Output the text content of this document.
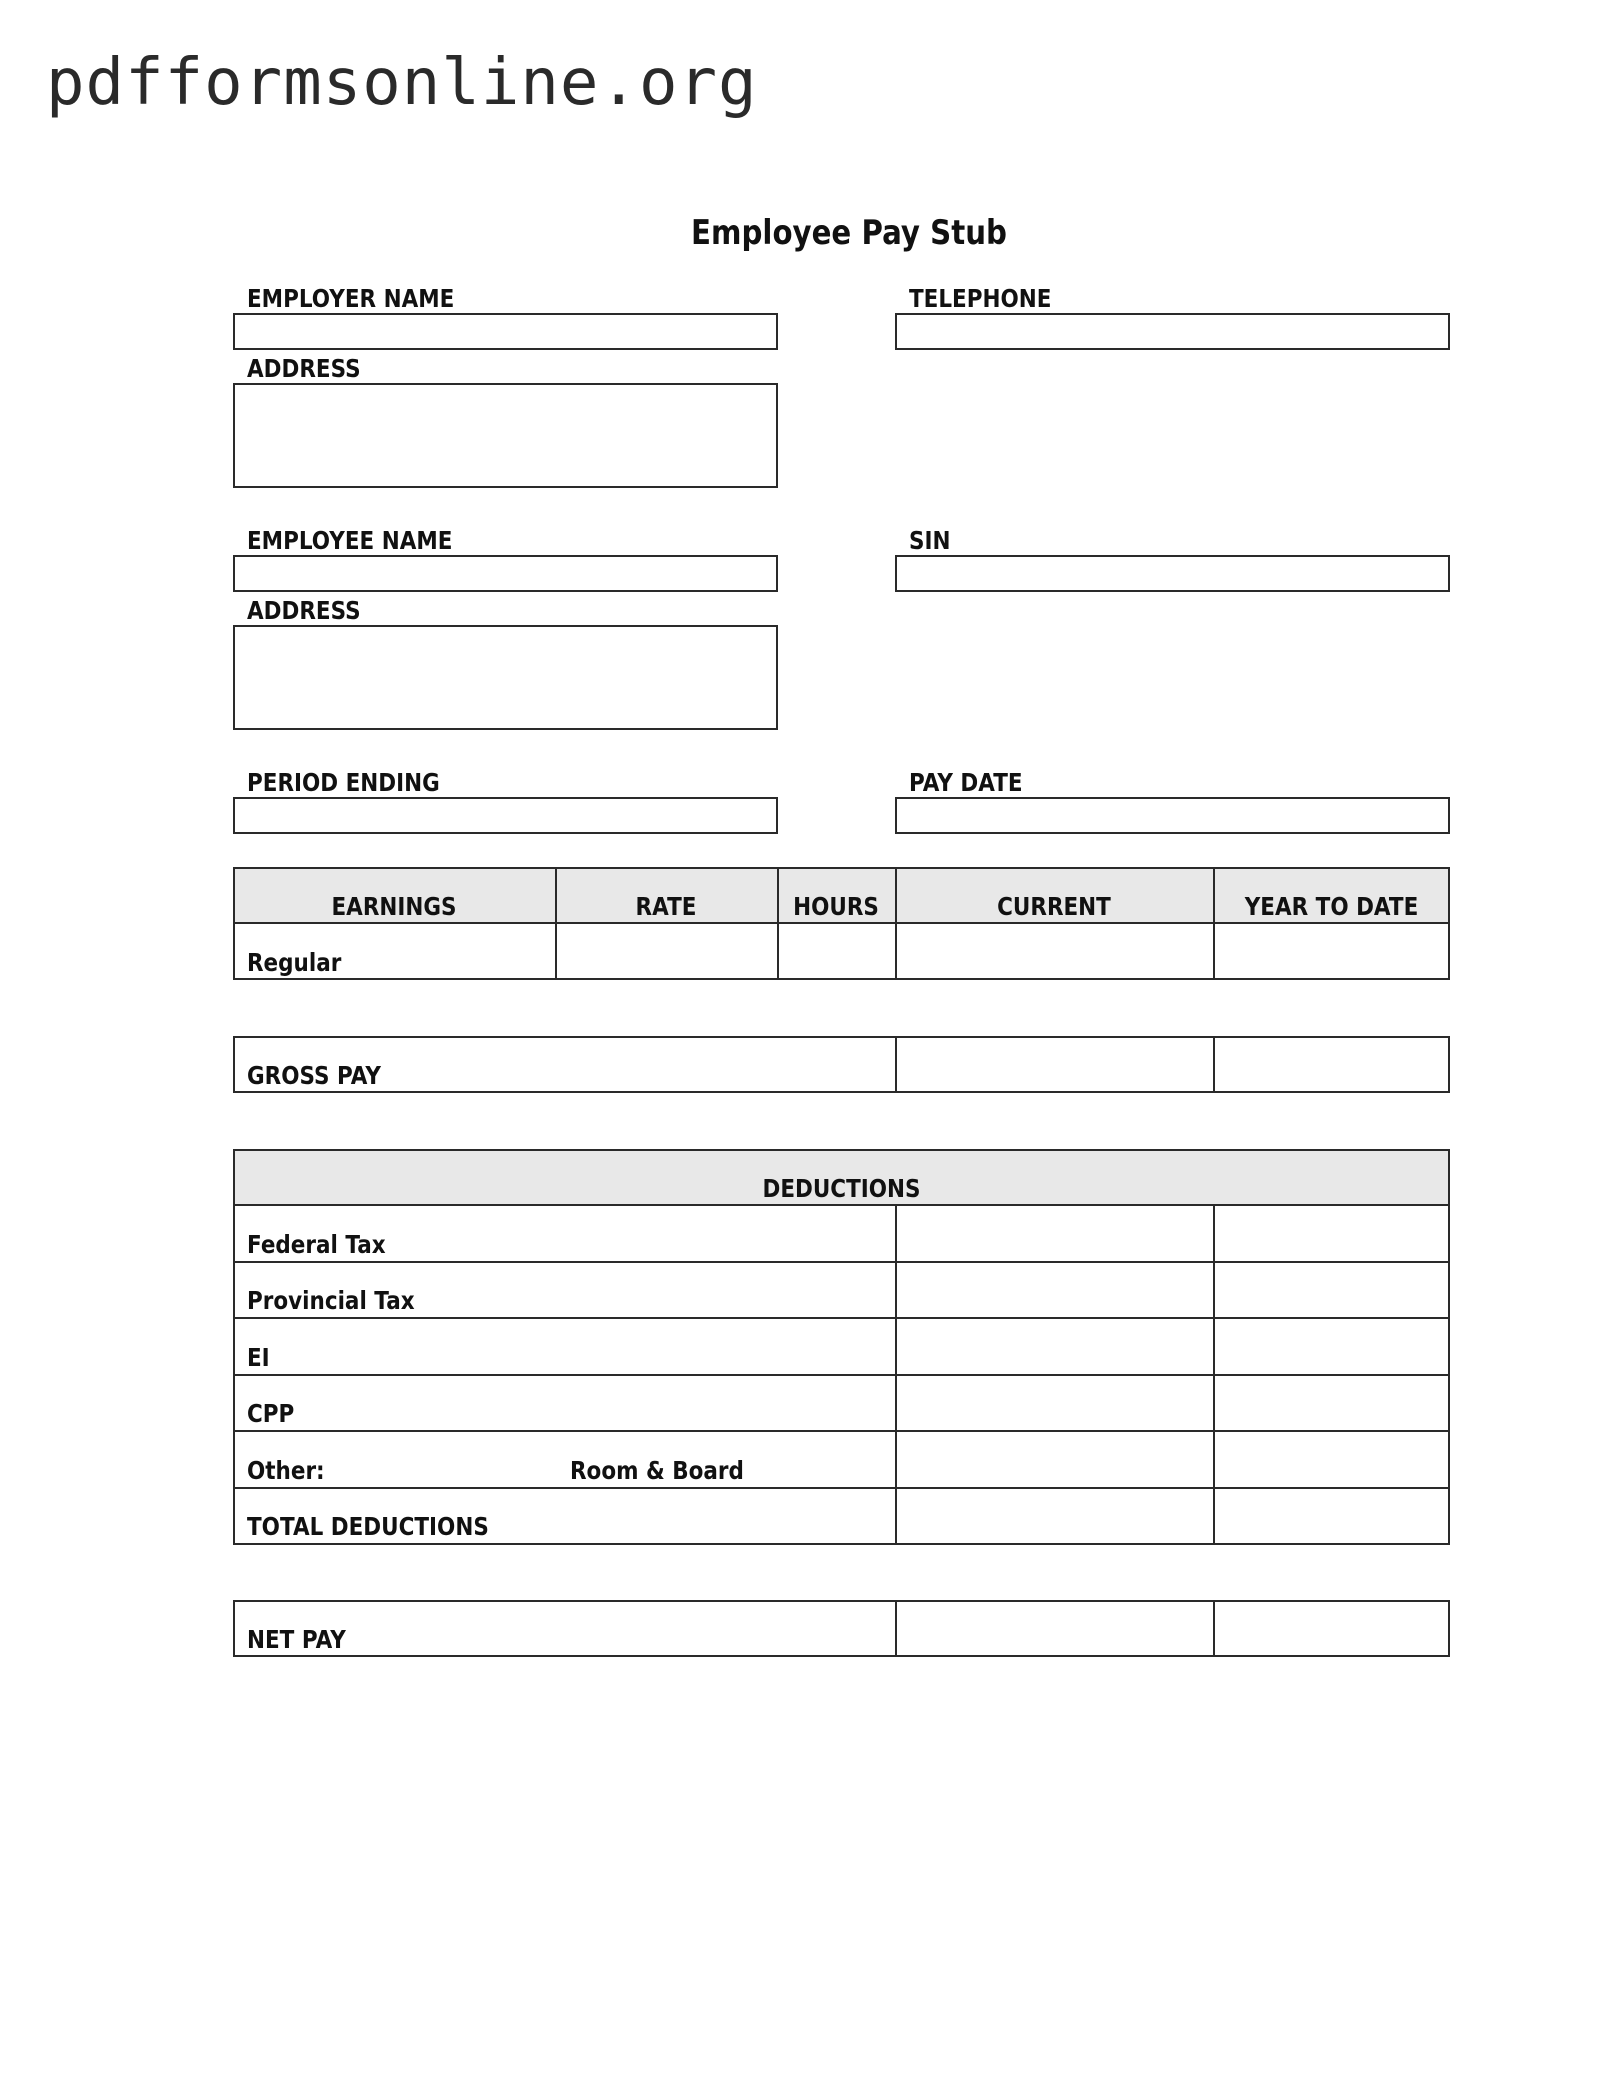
pdfformsonline.org
Employee Pay Stub
EMPLOYER NAME	TELEPHONE
ADDRESS
EMPLOYEE NAME	SIN
ADDRESS
PERIOD ENDING	PAY DATE
EARNINGS	RATE	HOURS	CURRENT	YEAR TO DATE
Regular
GROSS PAY
DEDUCTIONS
Federal Tax
Provincial Tax
EI
CPP
Other:	Room & Board
TOTAL DEDUCTIONS
NET PAY
